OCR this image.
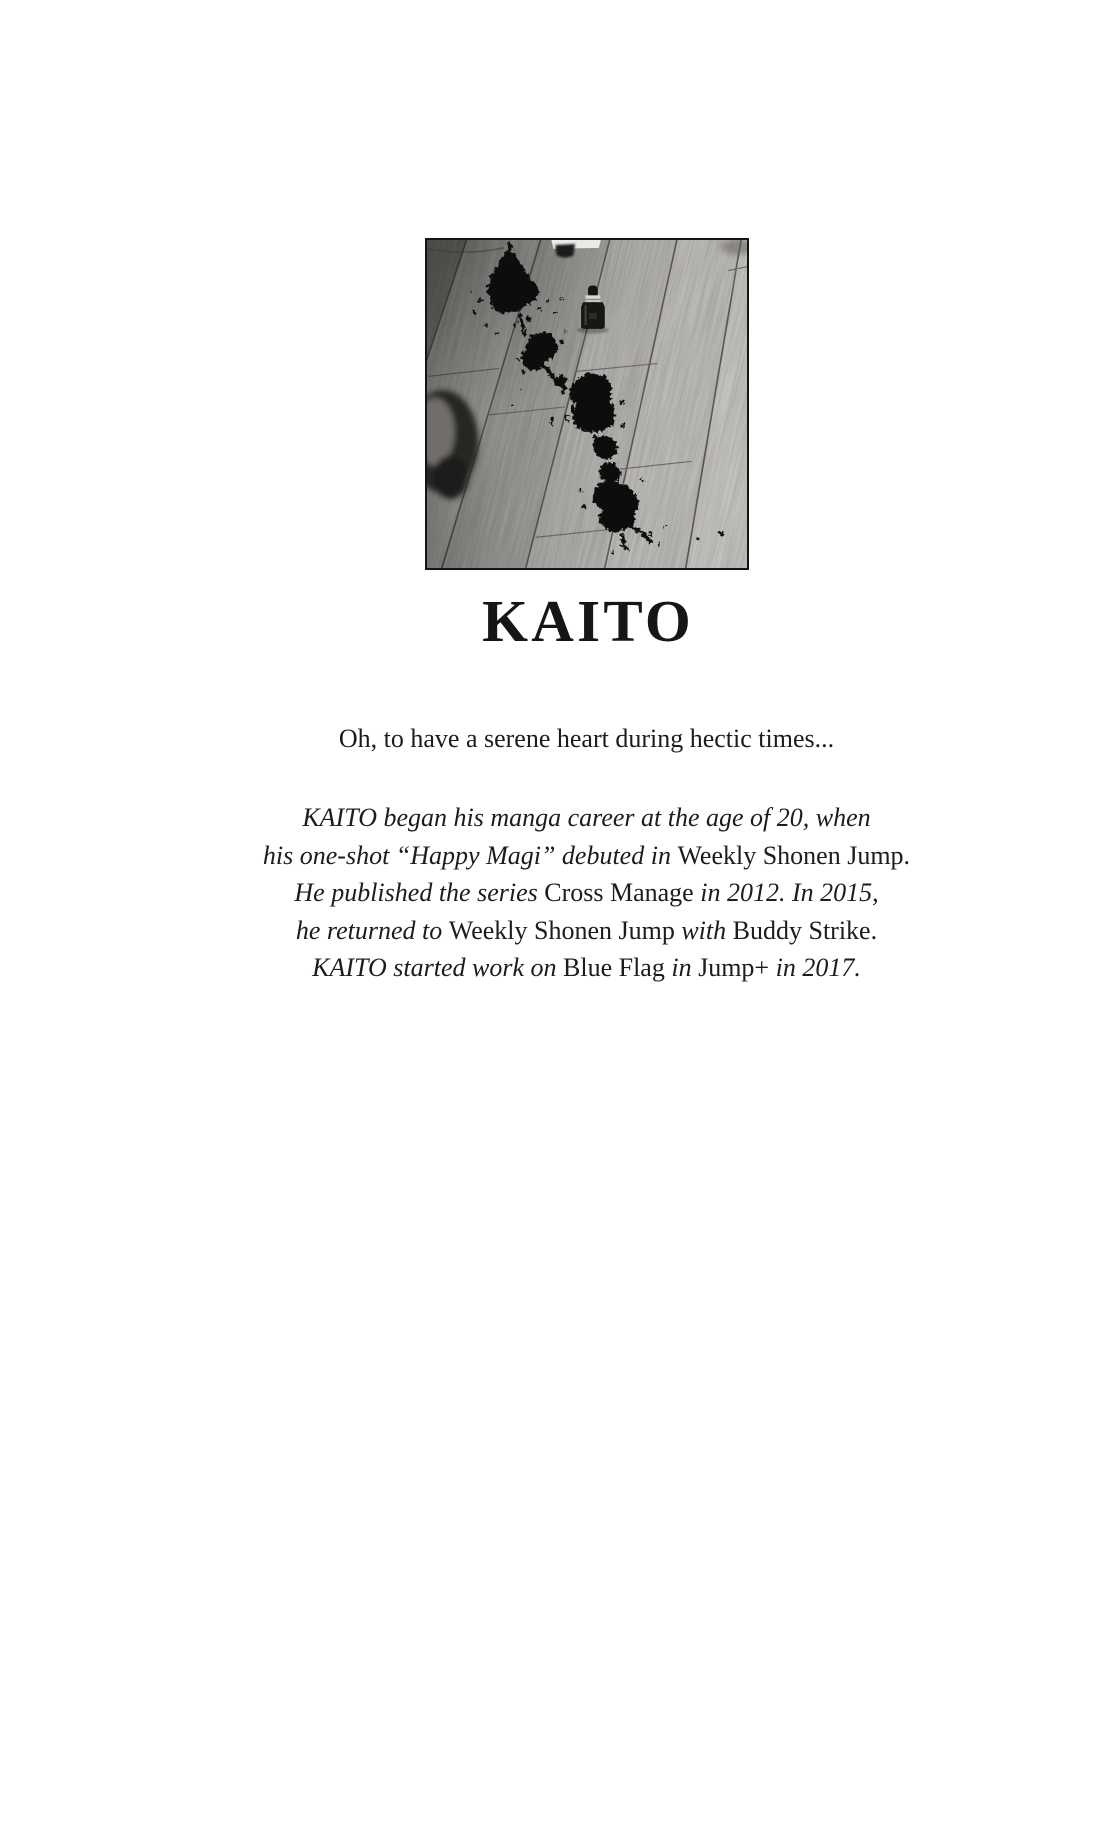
KAITO

Oh, to have a serene heart during hectic times...

KAITO began his manga career at the age of 20, when

his one-shot “Happy Magi” debuted in Weekly Shonen Jump.

He published the series Cross Manage in 2012. In 2015,

he returned to Weekly Shonen Jump with Buddy Strike.

KAITO started work on Blue Flag in Jump+ in 2017.
